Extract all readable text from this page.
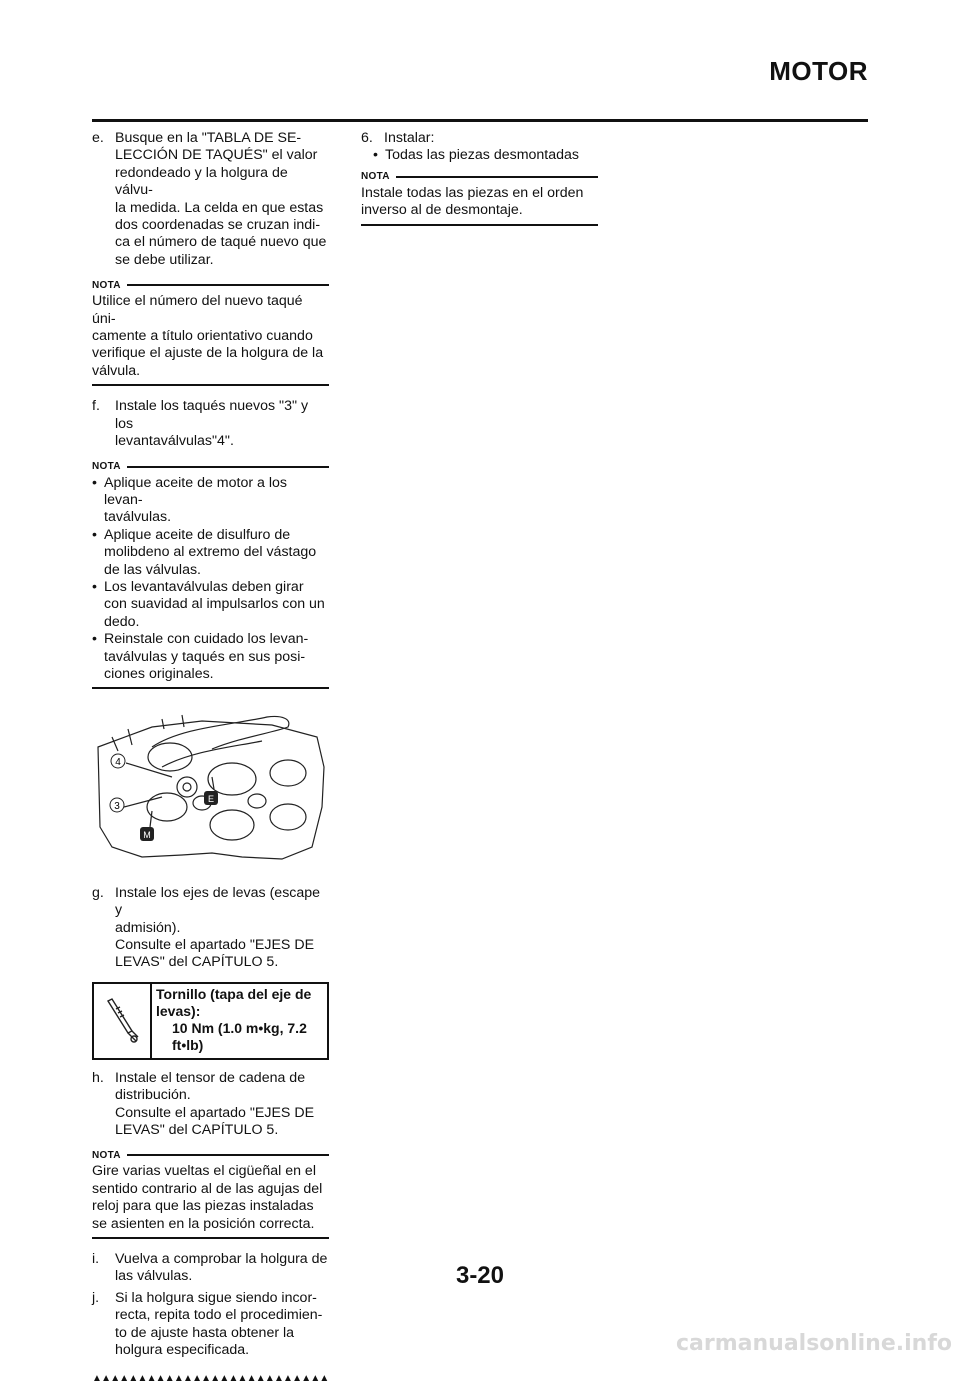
MOTOR
e. Busque en la "TABLA DE SE-
LECCIÓN DE TAQUÉS" el valor
redondeado y la holgura de válvu-
la medida. La celda en que estas
dos coordenadas se cruzan indi-
ca el número de taqué nuevo que
se debe utilizar.
NOTA
Utilice el número del nuevo taqué úni-
camente a título orientativo cuando
verifique el ajuste de la holgura de la
válvula.
f.	Instale los taqués nuevos "3" y los
levantaválvulas"4".
NOTA
• Aplique aceite de motor a los levan-
taválvulas.
• Aplique aceite de disulfuro de
molibdeno al extremo del vástago
de las válvulas.
• Los levantaválvulas deben girar
con suavidad al impulsarlos con un
dedo.
• Reinstale con cuidado los levan-
taválvulas y taqués en sus posi-
ciones originales.
4
3
E
M
g. Instale los ejes de levas (escape y
admisión).
Consulte el apartado "EJES DE
LEVAS" del CAPÍTULO 5.
Tornillo (tapa del eje de
levas):
10 Nm (1.0 m•kg, 7.2
ft•lb)
h. Instale el tensor de cadena de
distribución.
Consulte el apartado "EJES DE
LEVAS" del CAPÍTULO 5.
NOTA
Gire varias vueltas el cigüeñal en el
sentido contrario al de las agujas del
reloj para que las piezas instaladas
se asienten en la posición correcta.
i.	Vuelva a comprobar la holgura de
las válvulas.
j.	Si la holgura sigue siendo incor-
recta, repita todo el procedimien-
to de ajuste hasta obtener la
holgura especificada.
▲▲▲▲▲▲▲▲▲▲▲▲▲▲▲▲▲▲▲▲▲▲▲▲▲▲
6. Instalar:
• Todas las piezas desmontadas
NOTA
Instale todas las piezas en el orden
inverso al de desmontaje.
3-20
carmanualsonline.info
